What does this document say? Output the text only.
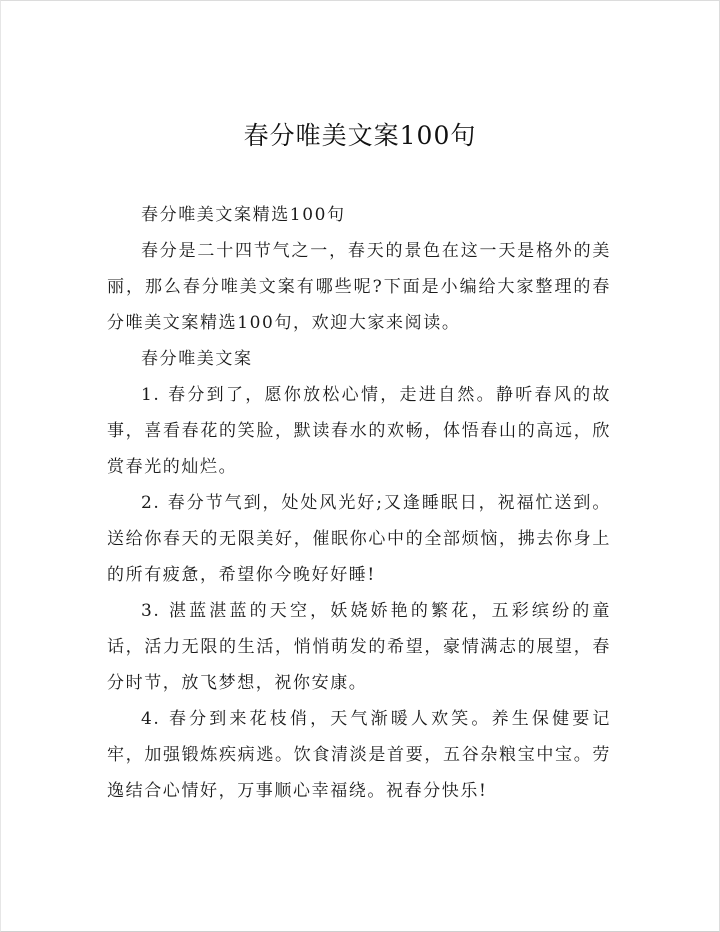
春分唯美文案100句

春分唯美文案精选100句

春分是二十四节气之一，春天的景色在这一天是格外的美丽，那么春分唯美文案有哪些呢?下面是小编给大家整理的春分唯美文案精选100句，欢迎大家来阅读。

春分唯美文案

1. 春分到了，愿你放松心情，走进自然。静听春风的故事，喜看春花的笑脸，默读春水的欢畅，体悟春山的高远，欣赏春光的灿烂。

2. 春分节气到，处处风光好;又逢睡眠日，祝福忙送到。送给你春天的无限美好，催眠你心中的全部烦恼，拂去你身上的所有疲惫，希望你今晚好好睡!

3. 湛蓝湛蓝的天空，妖娆娇艳的繁花，五彩缤纷的童话，活力无限的生活，悄悄萌发的希望，豪情满志的展望，春分时节，放飞梦想，祝你安康。

4. 春分到来花枝俏，天气渐暖人欢笑。养生保健要记牢，加强锻炼疾病逃。饮食清淡是首要，五谷杂粮宝中宝。劳逸结合心情好，万事顺心幸福绕。祝春分快乐!
